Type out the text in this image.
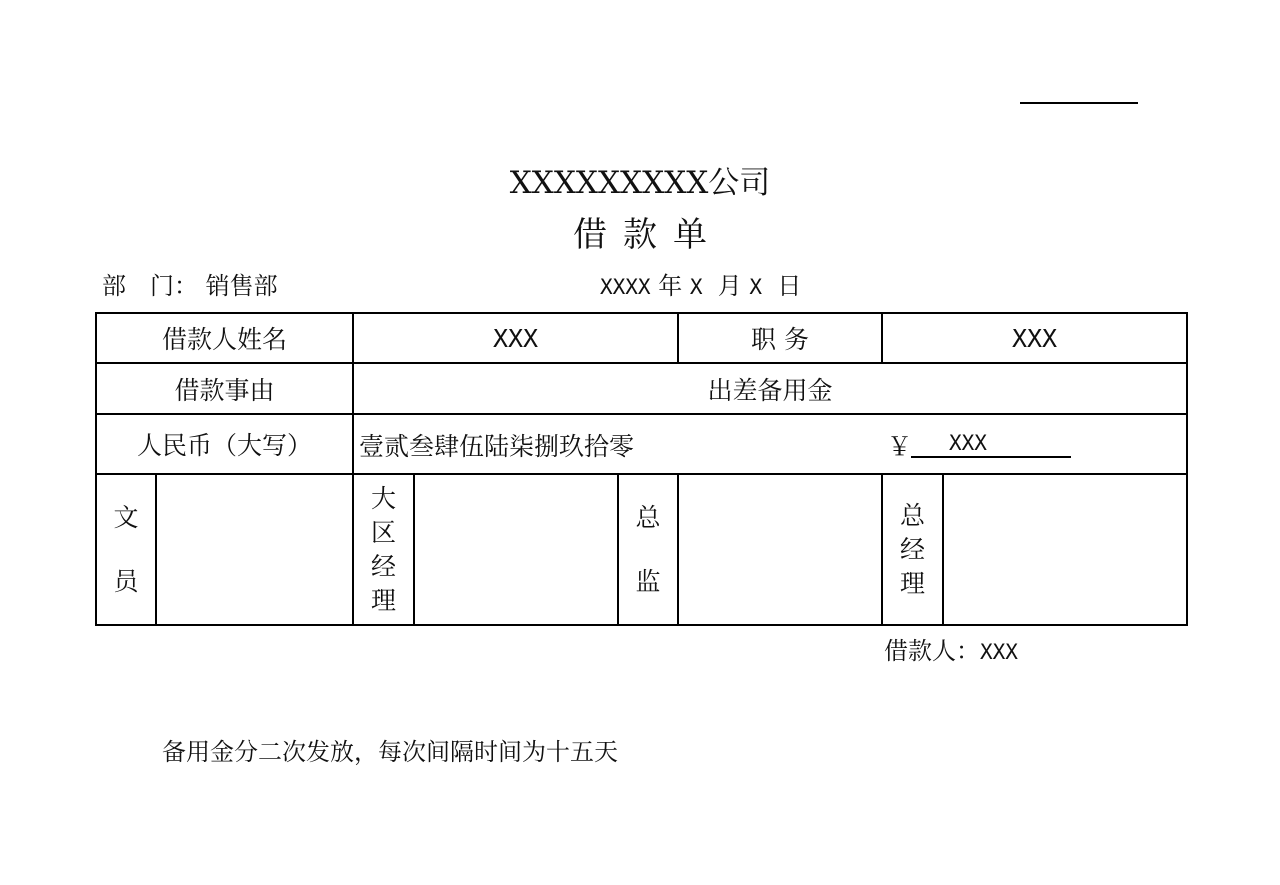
XXXXXXXXX公司
借款单
部　门： 销售部	XXXX 年 X 月 X 日
借款人姓名		XXX			职 务	XXX	
借款事由		出差备用金					
人民币（大写）		壹贰叁肆伍陆柒捌玖拾零 ￥ XXX					

文员		大区经理		总监		总经理	
借款人：XXX
备用金分二次发放，每次间隔时间为十五天
